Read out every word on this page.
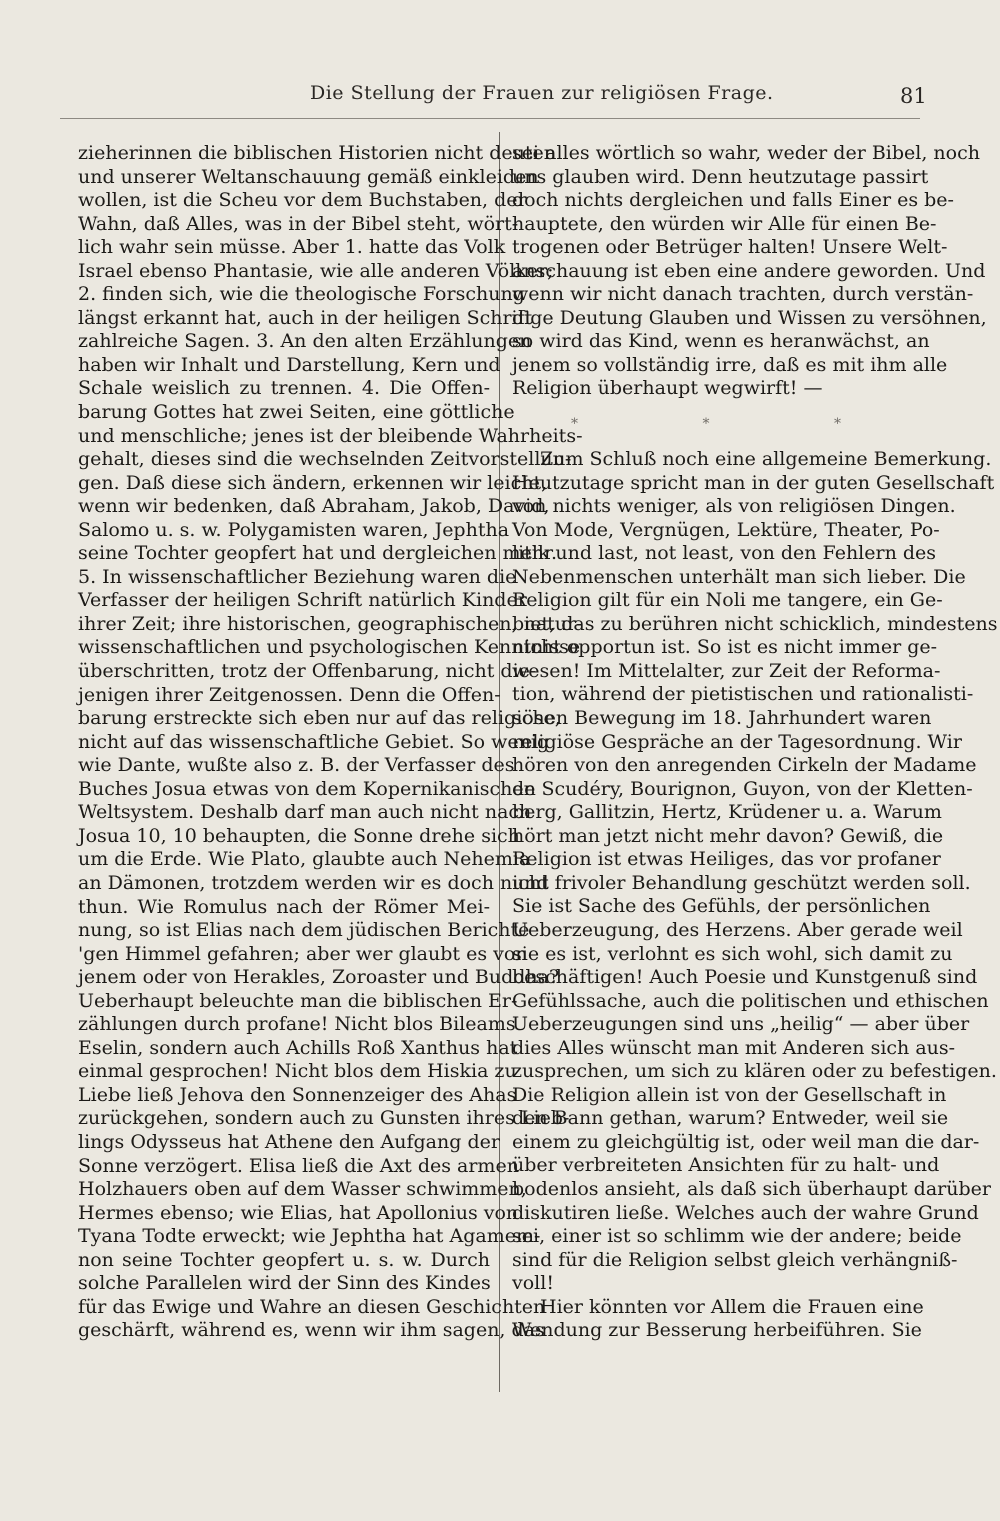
Die Stellung der Frauen zur religiösen Frage.	81
zieherinnen die biblischen Historien nicht deuten
und unserer Weltanschauung gemäß einkleiden
wollen, ist die Scheu vor dem Buchstaben, der
Wahn, daß Alles, was in der Bibel steht, wört-
lich wahr sein müsse. Aber 1. hatte das Volk
Israel ebenso Phantasie, wie alle anderen Völker;
2. finden sich, wie die theologische Forschung
längst erkannt hat, auch in der heiligen Schrift
zahlreiche Sagen. 3. An den alten Erzählungen
haben wir Inhalt und Darstellung, Kern und
Schale weislich zu trennen. 4. Die Offen-
barung Gottes hat zwei Seiten, eine göttliche
und menschliche; jenes ist der bleibende Wahrheits-
gehalt, dieses sind die wechselnden Zeitvorstellun-
gen. Daß diese sich ändern, erkennen wir leicht,
wenn wir bedenken, daß Abraham, Jakob, David,
Salomo u. s. w. Polygamisten waren, Jephtha
seine Tochter geopfert hat und dergleichen mehr.
5. In wissenschaftlicher Beziehung waren die
Verfasser der heiligen Schrift natürlich Kinder
ihrer Zeit; ihre historischen, geographischen, natur-
wissenschaftlichen und psychologischen Kenntnisse
überschritten, trotz der Offenbarung, nicht die-
jenigen ihrer Zeitgenossen. Denn die Offen-
barung erstreckte sich eben nur auf das religiöse,
nicht auf das wissenschaftliche Gebiet. So wenig
wie Dante, wußte also z. B. der Verfasser des
Buches Josua etwas von dem Kopernikanischen
Weltsystem. Deshalb darf man auch nicht nach
Josua 10, 10 behaupten, die Sonne drehe sich
um die Erde. Wie Plato, glaubte auch Nehemia
an Dämonen, trotzdem werden wir es doch nicht
thun. Wie Romulus nach der Römer Mei-
nung, so ist Elias nach dem jüdischen Berichte
'gen Himmel gefahren; aber wer glaubt es von
jenem oder von Herakles, Zoroaster und Buddha?
Ueberhaupt beleuchte man die biblischen Er-
zählungen durch profane! Nicht blos Bileams
Eselin, sondern auch Achills Roß Xanthus hat
einmal gesprochen! Nicht blos dem Hiskia zu
Liebe ließ Jehova den Sonnenzeiger des Ahas
zurückgehen, sondern auch zu Gunsten ihres Lieb-
lings Odysseus hat Athene den Aufgang der
Sonne verzögert. Elisa ließ die Axt des armen
Holzhauers oben auf dem Wasser schwimmen,
Hermes ebenso; wie Elias, hat Apollonius von
Tyana Todte erweckt; wie Jephtha hat Agamem-
non seine Tochter geopfert u. s. w. Durch
solche Parallelen wird der Sinn des Kindes
für das Ewige und Wahre an diesen Geschichten
geschärft, während es, wenn wir ihm sagen, das
sei alles wörtlich so wahr, weder der Bibel, noch
uns glauben wird. Denn heutzutage passirt
doch nichts dergleichen und falls Einer es be-
hauptete, den würden wir Alle für einen Be-
trogenen oder Betrüger halten! Unsere Welt-
anschauung ist eben eine andere geworden. Und
wenn wir nicht danach trachten, durch verstän-
dige Deutung Glauben und Wissen zu versöhnen,
so wird das Kind, wenn es heranwächst, an
jenem so vollständig irre, daß es mit ihm alle
Religion überhaupt wegwirft! —
* * *
Zum Schluß noch eine allgemeine Bemerkung.
Heutzutage spricht man in der guten Gesellschaft
von nichts weniger, als von religiösen Dingen.
Von Mode, Vergnügen, Lektüre, Theater, Po-
litik und last, not least, von den Fehlern des
Nebenmenschen unterhält man sich lieber. Die
Religion gilt für ein Noli me tangere, ein Ge-
biet, das zu berühren nicht schicklich, mindestens
nicht opportun ist. So ist es nicht immer ge-
wesen! Im Mittelalter, zur Zeit der Reforma-
tion, während der pietistischen und rationalisti-
schen Bewegung im 18. Jahrhundert waren
religiöse Gespräche an der Tagesordnung. Wir
hören von den anregenden Cirkeln der Madame
de Scudéry, Bourignon, Guyon, von der Kletten-
berg, Gallitzin, Hertz, Krüdener u. a. Warum
hört man jetzt nicht mehr davon? Gewiß, die
Religion ist etwas Heiliges, das vor profaner
und frivoler Behandlung geschützt werden soll.
Sie ist Sache des Gefühls, der persönlichen
Ueberzeugung, des Herzens. Aber gerade weil
sie es ist, verlohnt es sich wohl, sich damit zu
beschäftigen! Auch Poesie und Kunstgenuß sind
Gefühlssache, auch die politischen und ethischen
Ueberzeugungen sind uns „heilig“ — aber über
dies Alles wünscht man mit Anderen sich aus-
zusprechen, um sich zu klären oder zu befestigen.
Die Religion allein ist von der Gesellschaft in
den Bann gethan, warum? Entweder, weil sie
einem zu gleichgültig ist, oder weil man die dar-
über verbreiteten Ansichten für zu halt- und
bodenlos ansieht, als daß sich überhaupt darüber
diskutiren ließe. Welches auch der wahre Grund
sei, einer ist so schlimm wie der andere; beide
sind für die Religion selbst gleich verhängniß-
voll!
Hier könnten vor Allem die Frauen eine
Wendung zur Besserung herbeiführen. Sie
